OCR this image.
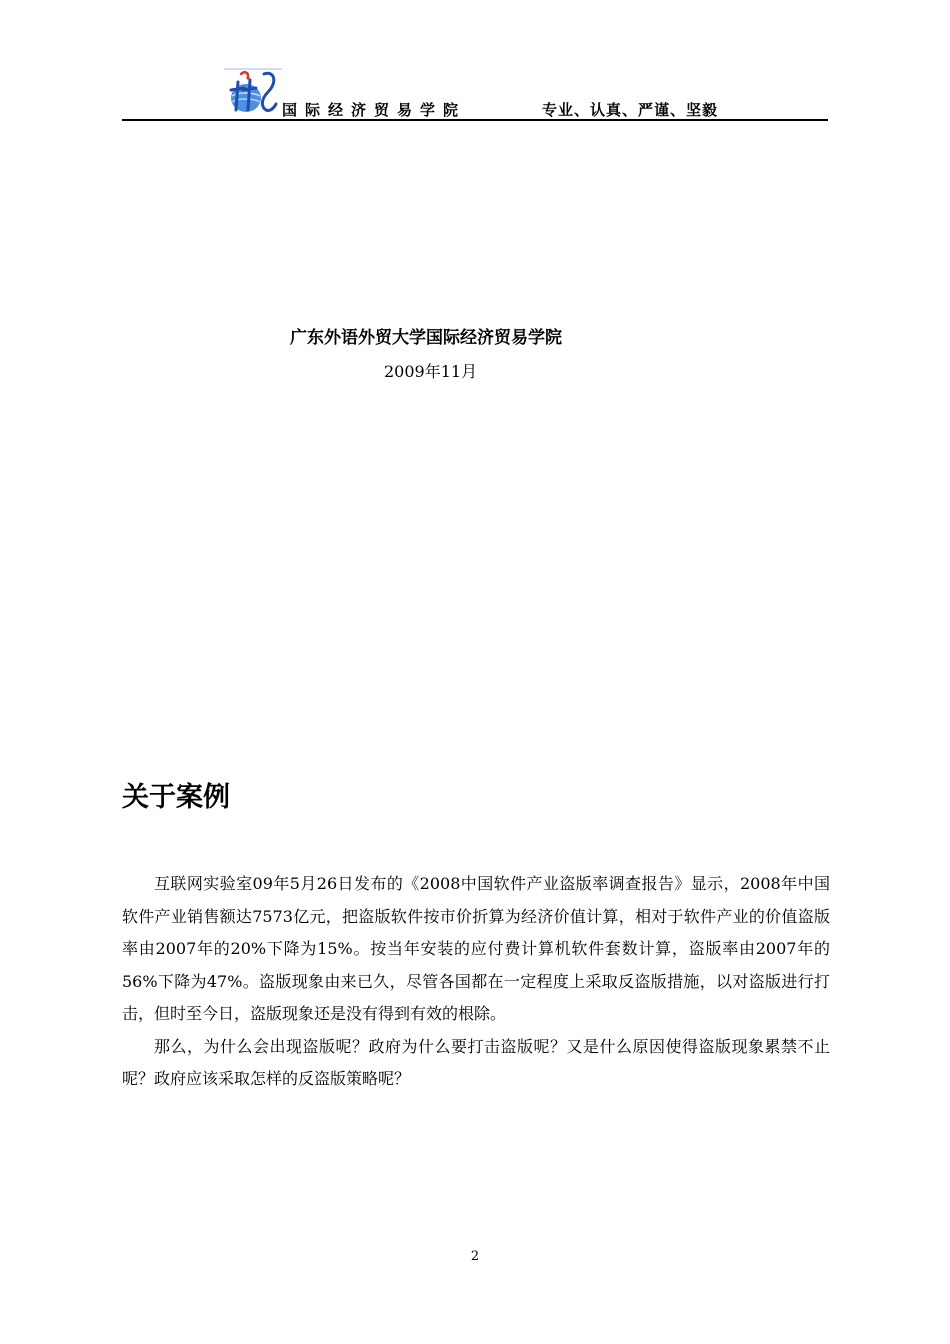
国际经济贸易学院	专业、认真、严谨、坚毅
广东外语外贸大学国际经济贸易学院
2009年11月
关于案例

互联网实验室09年5月26日发布的《2008中国软件产业盗版率调查报告》显示，2008年中国软件产业销售额达7573亿元，把盗版软件按市价折算为经济价值计算，相对于软件产业的价值盗版率由2007年的20%下降为15%。按当年安装的应付费计算机软件套数计算，盗版率由2007年的56%下降为47%。盗版现象由来已久，尽管各国都在一定程度上采取反盗版措施，以对盗版进行打击，但时至今日，盗版现象还是没有得到有效的根除。

那么，为什么会出现盗版呢？政府为什么要打击盗版呢？又是什么原因使得盗版现象累禁不止呢？政府应该采取怎样的反盗版策略呢？

2
